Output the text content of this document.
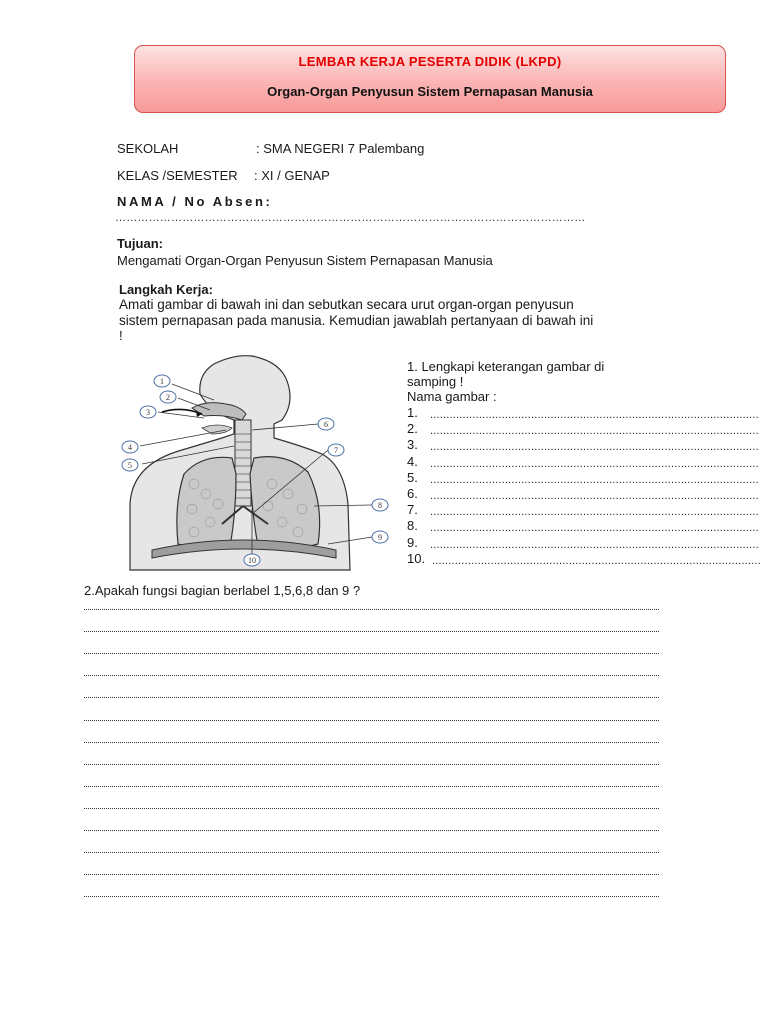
LEMBAR KERJA PESERTA DIDIK (LKPD)
Organ-Organ Penyusun Sistem Pernapasan Manusia
SEKOLAH	: SMA NEGERI 7 Palembang
KELAS /SEMESTER : XI / GENAP
NAMA / No Absen:
………………………………………………………………………………………………………………
Tujuan:
Mengamati Organ-Organ Penyusun Sistem Pernapasan Manusia
Langkah Kerja:
Amati gambar di bawah ini dan sebutkan secara urut organ-organ penyusun
sistem pernapasan pada manusia. Kemudian jawablah pertanyaan di bawah ini
!
1
2
3
4
5
6
7
8
9
10
1. Lengkapi keterangan gambar di
samping !
Nama gambar :
1. .....................................................................................................
2. .....................................................................................................
3. .....................................................................................................
4. .....................................................................................................
5. .....................................................................................................
6. .....................................................................................................
7. .....................................................................................................
8. .....................................................................................................
9. .....................................................................................................
10. .....................................................................................................
2.Apakah fungsi bagian berlabel 1,5,6,8 dan 9 ?
